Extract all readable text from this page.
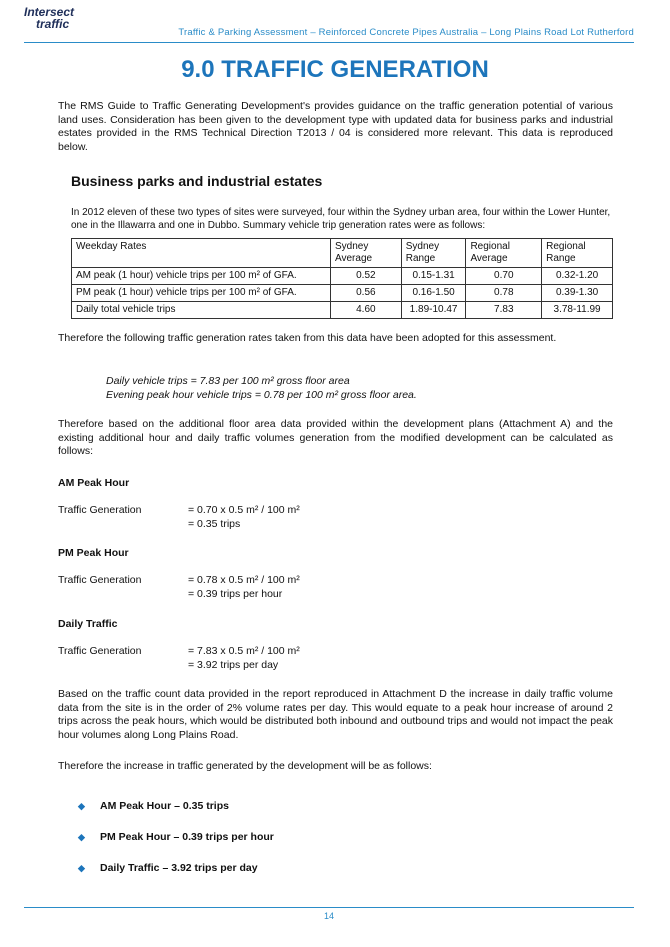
Intersect
traffic
Traffic & Parking Assessment – Reinforced Concrete Pipes Australia – Long Plains Road Lot Rutherford
9.0 TRAFFIC GENERATION

The RMS Guide to Traffic Generating Development's provides guidance on the traffic generation potential of various land uses. Consideration has been given to the development type with updated data for business parks and industrial estates provided in the RMS Technical Direction T2013 / 04 is considered more relevant. This data is reproduced below.

Business parks and industrial estates
In 2012 eleven of these two types of sites were surveyed, four within the Sydney urban area, four within the Lower Hunter, one in the Illawarra and one in Dubbo. Summary vehicle trip generation rates were as follows:
Weekday Rates	Sydney Average	Sydney Range	Regional Average	Regional Range
AM peak (1 hour) vehicle trips per 100 m² of GFA.	0.52	0.15-1.31	0.70	0.32-1.20
PM peak (1 hour) vehicle trips per 100 m² of GFA.	0.56	0.16-1.50	0.78	0.39-1.30
Daily total vehicle trips	4.60	1.89-10.47	7.83	3.78-11.99

Therefore the following traffic generation rates taken from this data have been adopted for this assessment.

Daily vehicle trips = 7.83 per 100 m² gross floor area
Evening peak hour vehicle trips = 0.78 per 100 m² gross floor area.

Therefore based on the additional floor area data provided within the development plans (Attachment A) and the existing additional hour and daily traffic volumes generation from the modified development can be calculated as follows:

AM Peak Hour
Traffic Generation	= 0.70 x 0.5 m² / 100 m²
= 0.35 trips
PM Peak Hour
Traffic Generation	= 0.78 x 0.5 m² / 100 m²
= 0.39 trips per hour
Daily Traffic
Traffic Generation	= 7.83 x 0.5 m² / 100 m²
= 3.92 trips per day

Based on the traffic count data provided in the report reproduced in Attachment D the increase in daily traffic volume data from the site is in the order of 2% volume rates per day. This would equate to a peak hour increase of around 2 trips across the peak hours, which would be distributed both inbound and outbound trips and would not impact the peak hour volumes along Long Plains Road.

Therefore the increase in traffic generated by the development will be as follows:

◆	AM Peak Hour – 0.35 trips
◆	PM Peak Hour – 0.39 trips per hour
◆	Daily Traffic – 3.92 trips per day
14
